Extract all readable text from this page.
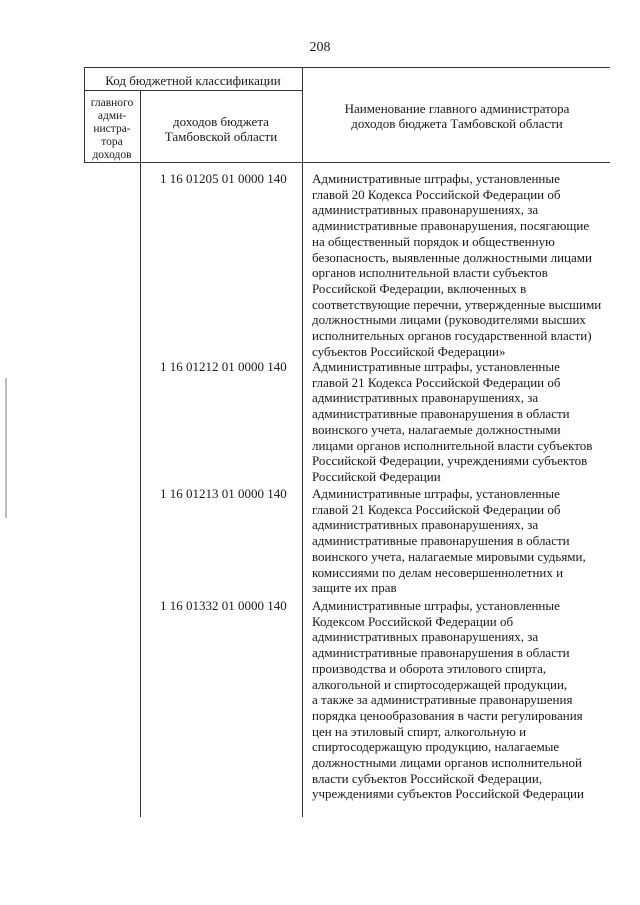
208
Код бюджетной классификации
главного
адми-
нистра-
тора
доходов
доходов бюджета
Тамбовской области
Наименование главного администратора
доходов бюджета Тамбовской области
1 16 01205 01 0000 140 Административные штрафы, установленные
главой 20 Кодекса Российской Федерации об
административных правонарушениях, за
административные правонарушения, посягающие
на общественный порядок и общественную
безопасность, выявленные должностными лицами
органов исполнительной власти субъектов
Российской Федерации, включенных в
соответствующие перечни, утвержденные высшими
должностными лицами (руководителями высших
исполнительных органов государственной власти)
субъектов Российской Федерации»
1 16 01212 01 0000 140 Административные штрафы, установленные
главой 21 Кодекса Российской Федерации об
административных правонарушениях, за
административные правонарушения в области
воинского учета, налагаемые должностными
лицами органов исполнительной власти субъектов
Российской Федерации, учреждениями субъектов
Российской Федерации
1 16 01213 01 0000 140 Административные штрафы, установленные
главой 21 Кодекса Российской Федерации об
административных правонарушениях, за
административные правонарушения в области
воинского учета, налагаемые мировыми судьями,
комиссиями по делам несовершеннолетних и
защите их прав
1 16 01332 01 0000 140 Административные штрафы, установленные
Кодексом Российской Федерации об
административных правонарушениях, за
административные правонарушения в области
производства и оборота этилового спирта,
алкогольной и спиртосодержащей продукции,
а также за административные правонарушения
порядка ценообразования в части регулирования
цен на этиловый спирт, алкогольную и
спиртосодержащую продукцию, налагаемые
должностными лицами органов исполнительной
власти субъектов Российской Федерации,
учреждениями субъектов Российской Федерации
